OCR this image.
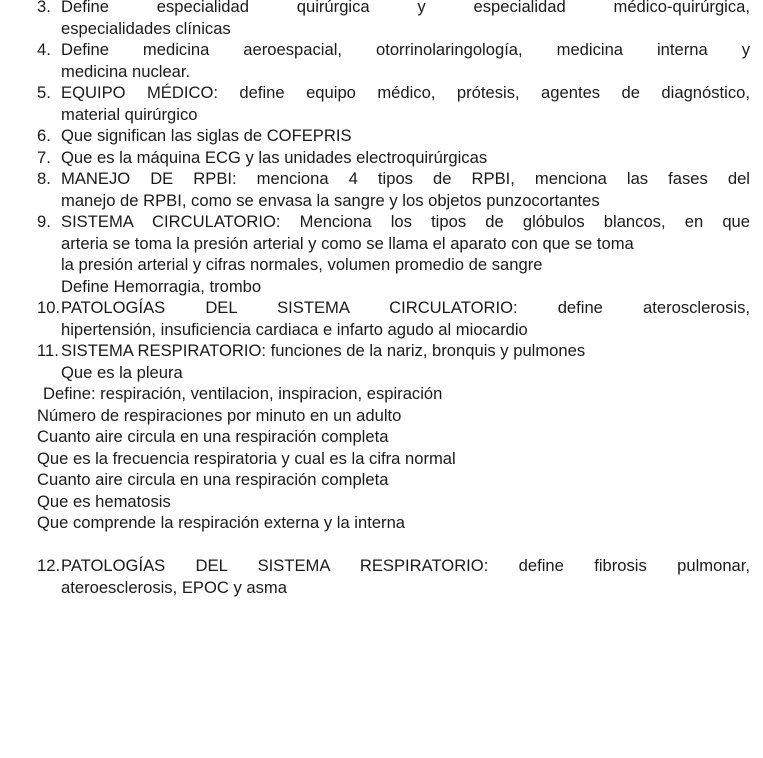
3. Define especialidad quirúrgica y especialidad médico-quirúrgica,
especialidades clínicas
4. Define medicina aeroespacial, otorrinolaringología, medicina interna y
medicina nuclear.
5. EQUIPO MÉDICO: define equipo médico, prótesis, agentes de diagnóstico,
material quirúrgico
6. Que significan las siglas de COFEPRIS
7. Que es la máquina ECG y las unidades electroquirúrgicas
8. MANEJO DE RPBI: menciona 4 tipos de RPBI, menciona las fases del
manejo de RPBI, como se envasa la sangre y los objetos punzocortantes
9. SISTEMA CIRCULATORIO: Menciona los tipos de glóbulos blancos, en que
arteria se toma la presión arterial y como se llama el aparato con que se toma
la presión arterial y cifras normales, volumen promedio de sangre
Define Hemorragia, trombo
10. PATOLOGÍAS DEL SISTEMA CIRCULATORIO: define aterosclerosis,
hipertensión, insuficiencia cardiaca e infarto agudo al miocardio
11. SISTEMA RESPIRATORIO: funciones de la nariz, bronquis y pulmones
Que es la pleura
Define: respiración, ventilacion, inspiracion, espiración
Número de respiraciones por minuto en un adulto
Cuanto aire circula en una respiración completa
Que es la frecuencia respiratoria y cual es la cifra normal
Cuanto aire circula en una respiración completa
Que es hematosis
Que comprende la respiración externa y la interna
12. PATOLOGÍAS DEL SISTEMA RESPIRATORIO: define fibrosis pulmonar,
ateroesclerosis, EPOC y asma
